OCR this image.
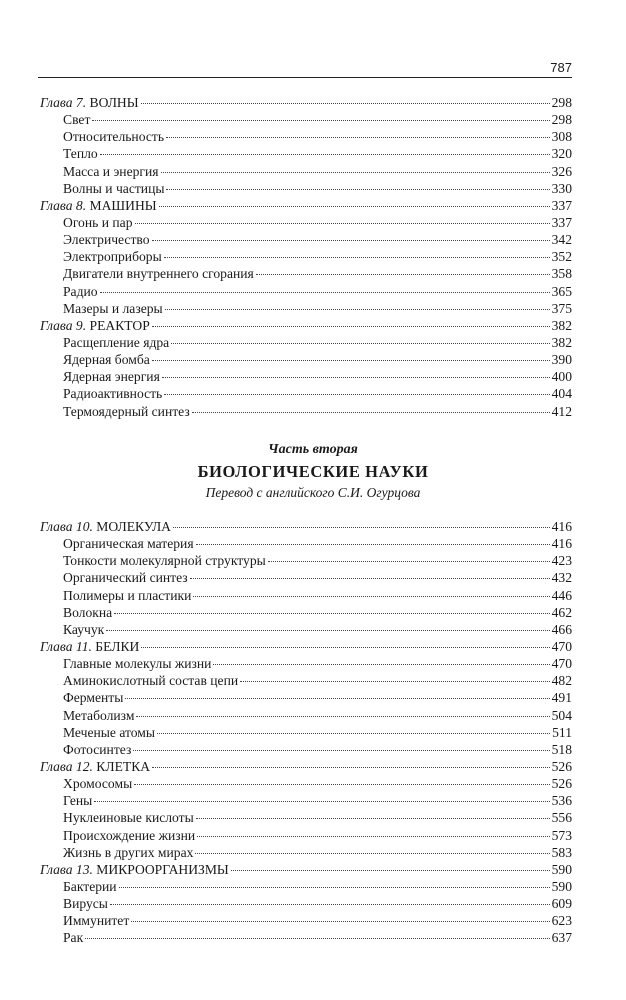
787
Глава 7. ВОЛНЫ	298
Свет	298
Относительность	308
Тепло	320
Масса и энергия	326
Волны и частицы	330
Глава 8. МАШИНЫ	337
Огонь и пар	337
Электричество	342
Электроприборы	352
Двигатели внутреннего сгорания	358
Радио	365
Мазеры и лазеры	375
Глава 9. РЕАКТОР	382
Расщепление ядра	382
Ядерная бомба	390
Ядерная энергия	400
Радиоактивность	404
Термоядерный синтез	412
Часть вторая
БИОЛОГИЧЕСКИЕ НАУКИ
Перевод с английского С.И. Огурцова
Глава 10. МОЛЕКУЛА	416
Органическая материя	416
Тонкости молекулярной структуры	423
Органический синтез	432
Полимеры и пластики	446
Волокна	462
Каучук	466
Глава 11. БЕЛКИ	470
Главные молекулы жизни	470
Аминокислотный состав цепи	482
Ферменты	491
Метаболизм	504
Меченые атомы	511
Фотосинтез	518
Глава 12. КЛЕТКА	526
Хромосомы	526
Гены	536
Нуклеиновые кислоты	556
Происхождение жизни	573
Жизнь в других мирах	583
Глава 13. МИКРООРГАНИЗМЫ	590
Бактерии	590
Вирусы	609
Иммунитет	623
Рак	637
